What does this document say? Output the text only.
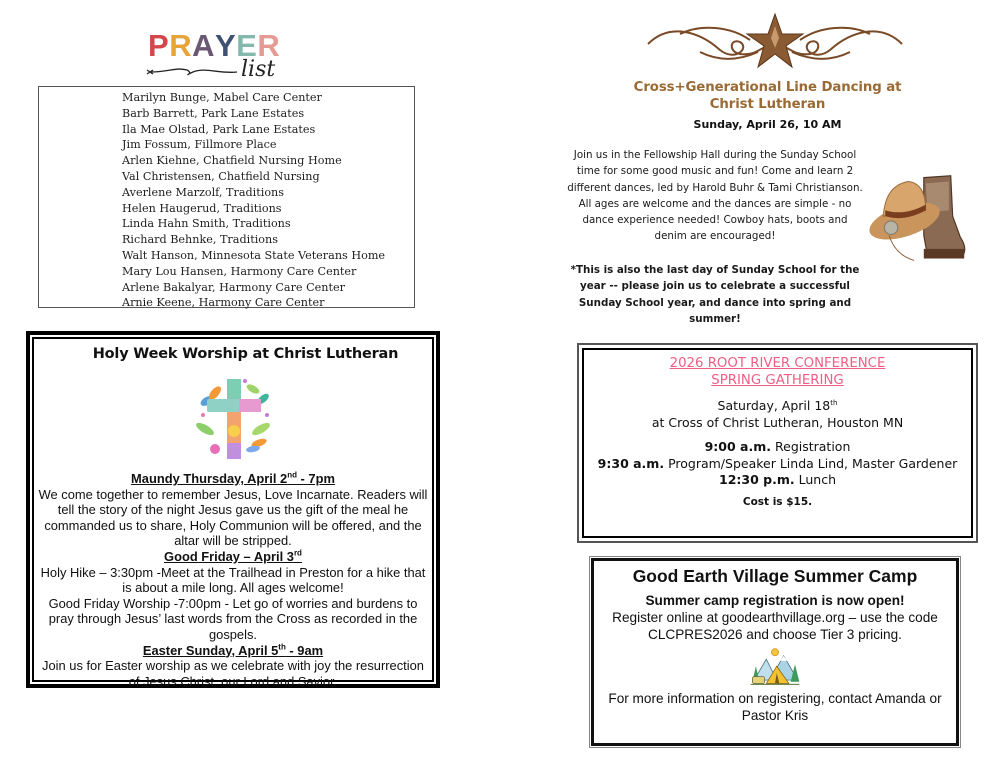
PRAYER
list
Marilyn Bunge, Mabel Care Center
Barb Barrett, Park Lane Estates
Ila Mae Olstad, Park Lane Estates
Jim Fossum, Fillmore Place
Arlen Kiehne, Chatfield Nursing Home
Val Christensen, Chatfield Nursing
Averlene Marzolf, Traditions
Helen Haugerud, Traditions
Linda Hahn Smith, Traditions
Richard Behnke, Traditions
Walt Hanson, Minnesota State Veterans Home
Mary Lou Hansen, Harmony Care Center
Arlene Bakalyar, Harmony Care Center
Arnie Keene, Harmony Care Center
Holy Week Worship at Christ Lutheran
Maundy Thursday, April 2nd - 7pm
We come together to remember Jesus, Love Incarnate. Readers will tell the story of the night Jesus gave us the gift of the meal he commanded us to share, Holy Communion will be offered, and the altar will be stripped.
Good Friday – April 3rd
Holy Hike – 3:30pm -Meet at the Trailhead in Preston for a hike that is about a mile long. All ages welcome!
Good Friday Worship -7:00pm - Let go of worries and burdens to pray through Jesus’ last words from the Cross as recorded in the gospels.
Easter Sunday, April 5th - 9am
Join us for Easter worship as we celebrate with joy the resurrection of Jesus Christ, our Lord and Savior.
Cross+Generational Line Dancing at
Christ Lutheran
Sunday, April 26, 10 AM
Join us in the Fellowship Hall during the Sunday School time for some good music and fun! Come and learn 2 different dances, led by Harold Buhr & Tami Christianson. All ages are welcome and the dances are simple - no dance experience needed! Cowboy hats, boots and denim are encouraged!
*This is also the last day of Sunday School for the year -- please join us to celebrate a successful Sunday School year, and dance into spring and summer!
2026 ROOT RIVER CONFERENCE
SPRING GATHERING
Saturday, April 18th
at Cross of Christ Lutheran, Houston MN
9:00 a.m. Registration
9:30 a.m. Program/Speaker Linda Lind, Master Gardener
12:30 p.m. Lunch
Cost is $15.
Good Earth Village Summer Camp
Summer camp registration is now open!
Register online at goodearthvillage.org – use the code CLCPRES2026 and choose Tier 3 pricing.
For more information on registering, contact Amanda or Pastor Kris
